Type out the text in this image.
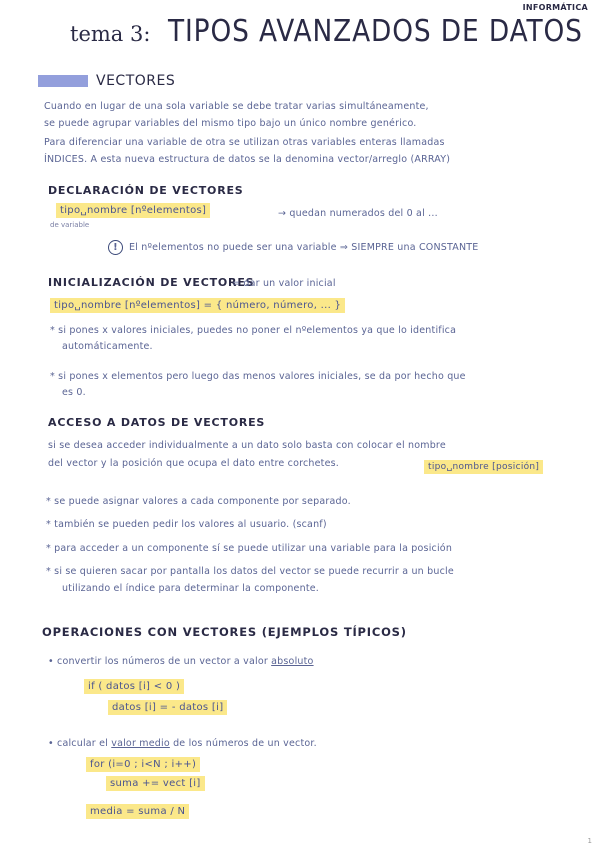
INFORMÁTICA
tema 3: TIPOS AVANZADOS DE DATOS
VECTORES
Cuando en lugar de una sola variable se debe tratar varias simultáneamente,
se puede agrupar variables del mismo tipo bajo un único nombre genérico.
Para diferenciar una variable de otra se utilizan otras variables enteras llamadas
ÍNDICES. A esta nueva estructura de datos se la denomina vector/arreglo (ARRAY)
DECLARACIÓN DE VECTORES
tipo␣nombre [nºelementos]	→ quedan numerados del 0 al ...
de variable
! El nºelementos no puede ser una variable ⇒ SIEMPRE una CONSTANTE
INICIALIZACIÓN DE VECTORES
= dar un valor inicial
tipo␣nombre [nºelementos] = { número, número, ... }
* si pones x valores iniciales, puedes no poner el nºelementos ya que lo identifica
automáticamente.
* si pones x elementos pero luego das menos valores iniciales, se da por hecho que
es 0.
ACCESO A DATOS DE VECTORES
si se desea acceder individualmente a un dato solo basta con colocar el nombre
del vector y la posición que ocupa el dato entre corchetes.	tipo␣nombre [posición]
* se puede asignar valores a cada componente por separado.
* también se pueden pedir los valores al usuario. (scanf)
* para acceder a un componente sí se puede utilizar una variable para la posición
* si se quieren sacar por pantalla los datos del vector se puede recurrir a un bucle
utilizando el índice para determinar la componente.
OPERACIONES CON VECTORES (EJEMPLOS TÍPICOS)
• convertir los números de un vector a valor absoluto
if ( datos [i] < 0 )
datos [i] = - datos [i]
• calcular el valor medio de los números de un vector.
for (i=0 ; i<N ; i++)
suma += vect [i]
media = suma / N
1
